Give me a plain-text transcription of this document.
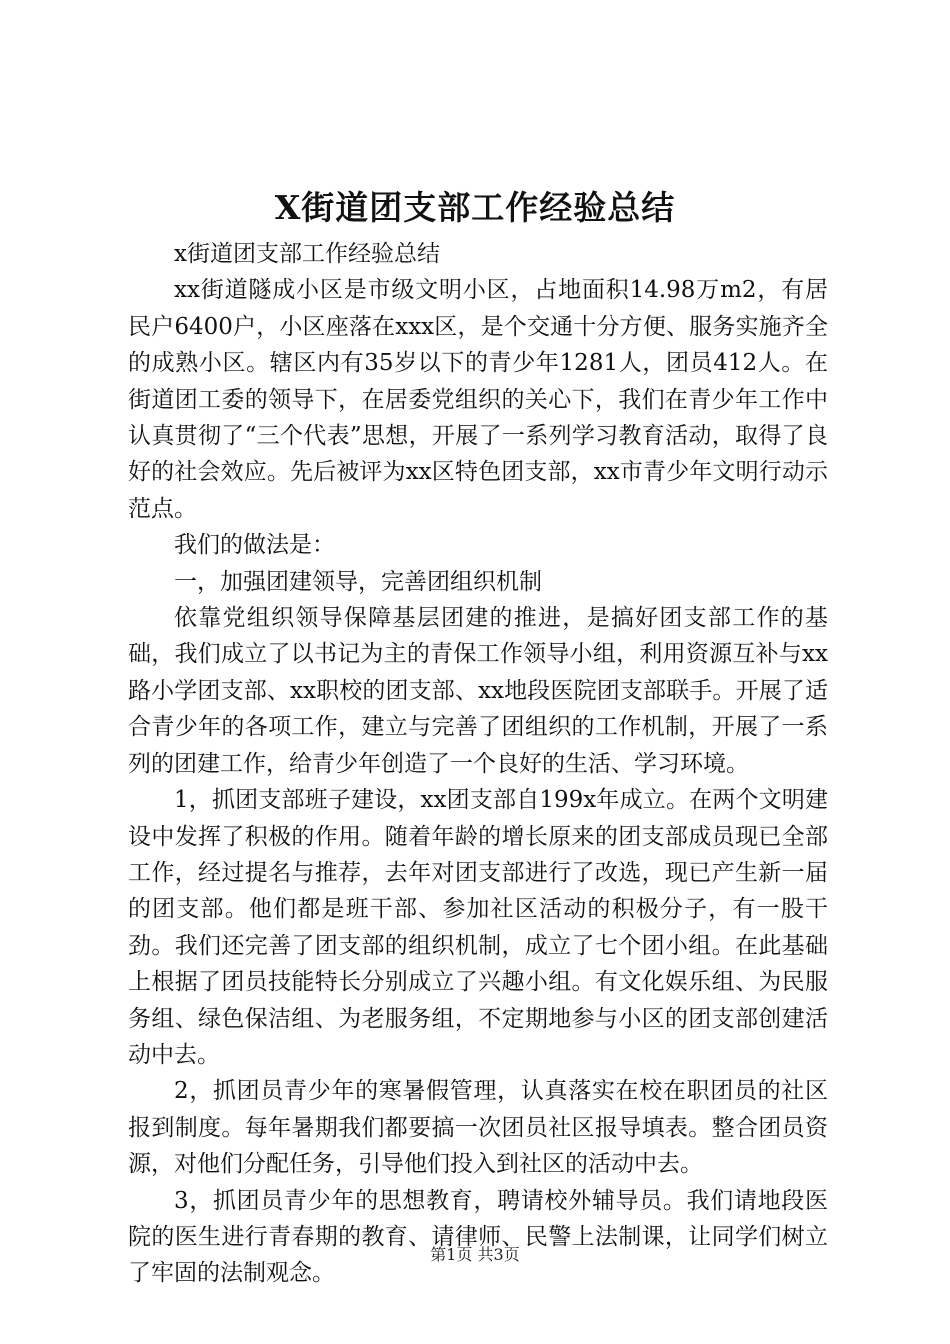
X街道团支部工作经验总结

x街道团支部工作经验总结

xx街道隧成小区是市级文明小区，占地面积14.98万m2，有居民户6400户，小区座落在xxx区，是个交通十分方便、服务实施齐全的成熟小区。辖区内有35岁以下的青少年1281人，团员412人。在街道团工委的领导下，在居委党组织的关心下，我们在青少年工作中认真贯彻了“三个代表”思想，开展了一系列学习教育活动，取得了良好的社会效应。先后被评为xx区特色团支部，xx市青少年文明行动示范点。

我们的做法是：

一，加强团建领导，完善团组织机制

依靠党组织领导保障基层团建的推进，是搞好团支部工作的基础，我们成立了以书记为主的青保工作领导小组，利用资源互补与xx路小学团支部、xx职校的团支部、xx地段医院团支部联手。开展了适合青少年的各项工作，建立与完善了团组织的工作机制，开展了一系列的团建工作，给青少年创造了一个良好的生活、学习环境。

1，抓团支部班子建设，xx团支部自199x年成立。在两个文明建设中发挥了积极的作用。随着年龄的增长原来的团支部成员现已全部工作，经过提名与推荐，去年对团支部进行了改选，现已产生新一届的团支部。他们都是班干部、参加社区活动的积极分子，有一股干劲。我们还完善了团支部的组织机制，成立了七个团小组。在此基础上根据了团员技能特长分别成立了兴趣小组。有文化娱乐组、为民服务组、绿色保洁组、为老服务组，不定期地参与小区的团支部创建活动中去。

2，抓团员青少年的寒暑假管理，认真落实在校在职团员的社区报到制度。每年暑期我们都要搞一次团员社区报导填表。整合团员资源，对他们分配任务，引导他们投入到社区的活动中去。

3，抓团员青少年的思想教育，聘请校外辅导员。我们请地段医院的医生进行青春期的教育、请律师、民警上法制课，让同学们树立了牢固的法制观念。

第1页 共3页
